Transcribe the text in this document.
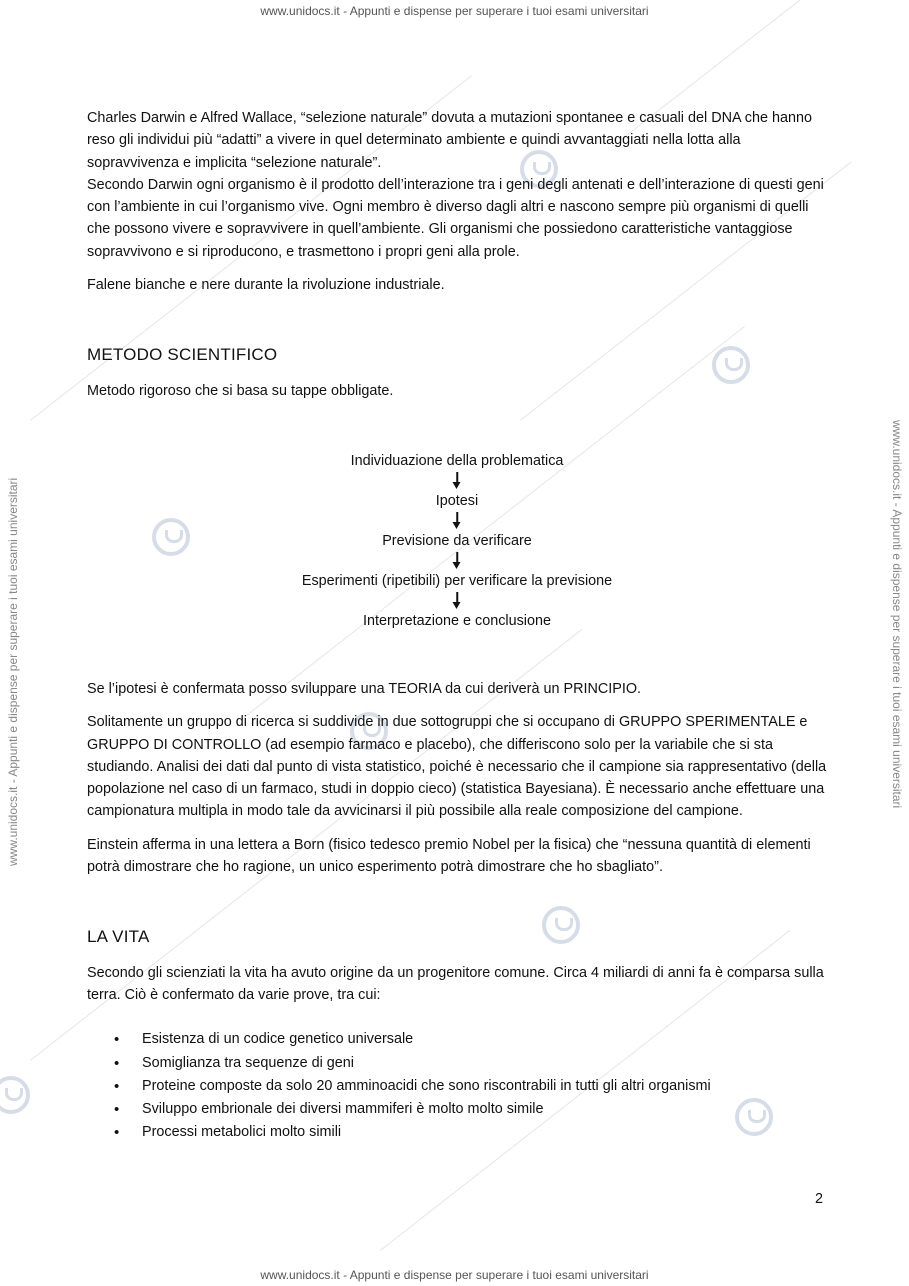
www.unidocs.it - Appunti e dispense per superare i tuoi esami universitari
www.unidocs.it - Appunti e dispense per superare i tuoi esami universitari	www.unidocs.it - Appunti e dispense per superare i tuoi esami universitari

Charles Darwin e Alfred Wallace, “selezione naturale” dovuta a mutazioni spontanee e casuali del DNA che hanno reso gli individui più “adatti” a vivere in quel determinato ambiente e quindi avvantaggiati nella lotta alla sopravvivenza e implicita “selezione naturale”.

Secondo Darwin ogni organismo è il prodotto dell’interazione tra i geni degli antenati e dell’interazione di questi geni con l’ambiente in cui l’organismo vive. Ogni membro è diverso dagli altri e nascono sempre più organismi di quelli che possono vivere e sopravvivere in quell’ambiente. Gli organismi che possiedono caratteristiche vantaggiose sopravvivono e si riproducono, e trasmettono i propri geni alla prole.

Falene bianche e nere durante la rivoluzione industriale.

METODO SCIENTIFICO

Metodo rigoroso che si basa su tappe obbligate.

Individuazione della problematica
Ipotesi
Previsione da verificare
Esperimenti (ripetibili) per verificare la previsione
Interpretazione e conclusione

Se l’ipotesi è confermata posso sviluppare una TEORIA da cui deriverà un PRINCIPIO.

Solitamente un gruppo di ricerca si suddivide in due sottogruppi che si occupano di GRUPPO SPERIMENTALE e GRUPPO DI CONTROLLO (ad esempio farmaco e placebo), che differiscono solo per la variabile che si sta studiando. Analisi dei dati dal punto di vista statistico, poiché è necessario che il campione sia rappresentativo (della popolazione nel caso di un farmaco, studi in doppio cieco) (statistica Bayesiana). È necessario anche effettuare una campionatura multipla in modo tale da avvicinarsi il più possibile alla reale composizione del campione.

Einstein afferma in una lettera a Born (fisico tedesco premio Nobel per la fisica) che “nessuna quantità di elementi potrà dimostrare che ho ragione, un unico esperimento potrà dimostrare che ho sbagliato”.

LA VITA

Secondo gli scienziati la vita ha avuto origine da un progenitore comune. Circa 4 miliardi di anni fa è comparsa sulla terra. Ciò è confermato da varie prove, tra cui:

• Esistenza di un codice genetico universale
• Somiglianza tra sequenze di geni
• Proteine composte da solo 20 amminoacidi che sono riscontrabili in tutti gli altri organismi
• Sviluppo embrionale dei diversi mammiferi è molto molto simile
• Processi metabolici molto simili
2
www.unidocs.it - Appunti e dispense per superare i tuoi esami universitari
